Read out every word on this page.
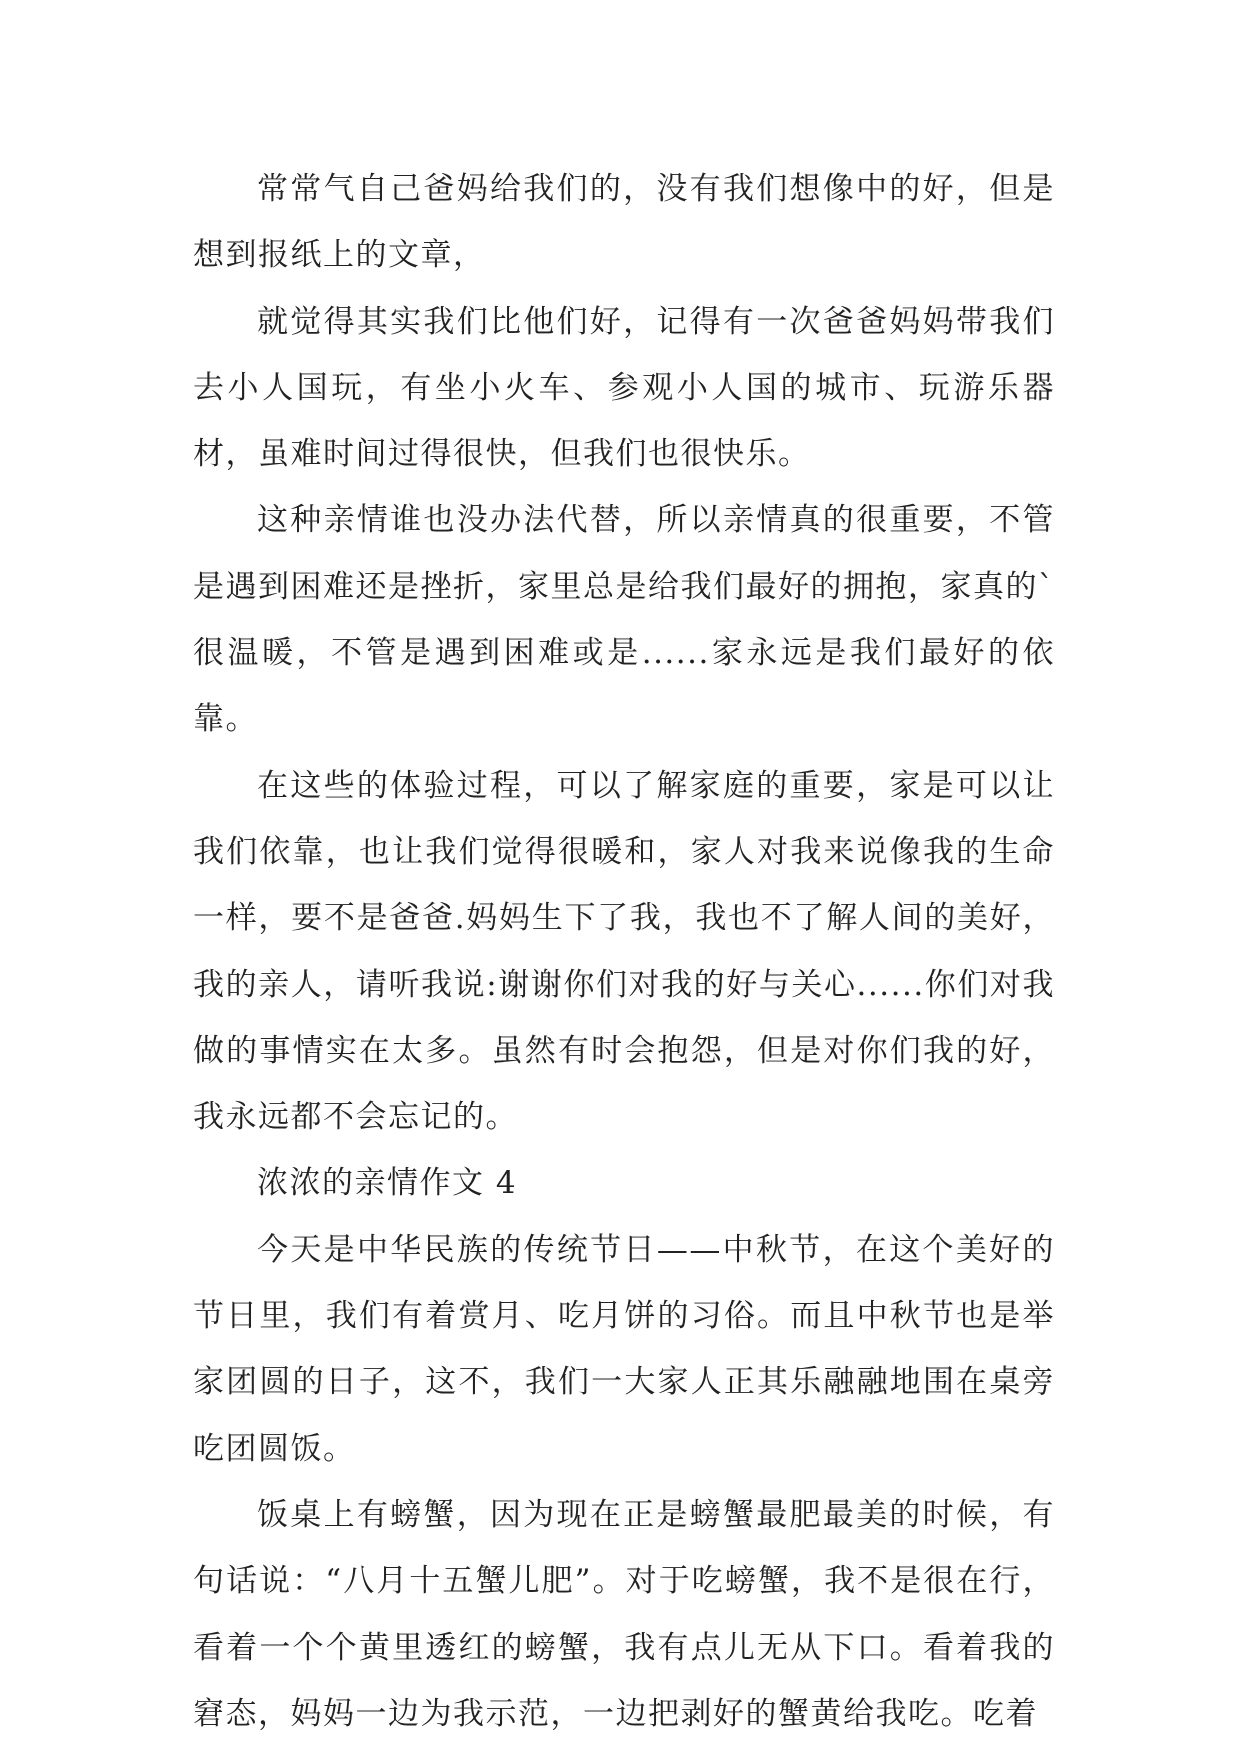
常常气自己爸妈给我们的，没有我们想像中的好，但是想到报纸上的文章，

就觉得其实我们比他们好，记得有一次爸爸妈妈带我们去小人国玩，有坐小火车、参观小人国的城市、玩游乐器材，虽难时间过得很快，但我们也很快乐。

这种亲情谁也没办法代替，所以亲情真的很重要，不管是遇到困难还是挫折，家里总是给我们最好的拥抱，家真的`很温暖，不管是遇到困难或是......家永远是我们最好的依靠。

在这些的体验过程，可以了解家庭的重要，家是可以让我们依靠，也让我们觉得很暖和，家人对我来说像我的生命一样，要不是爸爸.妈妈生下了我，我也不了解人间的美好，我的亲人，请听我说:谢谢你们对我的好与关心......你们对我做的事情实在太多。虽然有时会抱怨，但是对你们我的好，我永远都不会忘记的。

浓浓的亲情作文 4

今天是中华民族的传统节日——中秋节，在这个美好的节日里，我们有着赏月、吃月饼的习俗。而且中秋节也是举家团圆的日子，这不，我们一大家人正其乐融融地围在桌旁吃团圆饭。

饭桌上有螃蟹，因为现在正是螃蟹最肥最美的时候，有句话说：“八月十五蟹儿肥”。对于吃螃蟹，我不是很在行，看着一个个黄里透红的螃蟹，我有点儿无从下口。看着我的窘态，妈妈一边为我示范，一边把剥好的蟹黄给我吃。吃着
